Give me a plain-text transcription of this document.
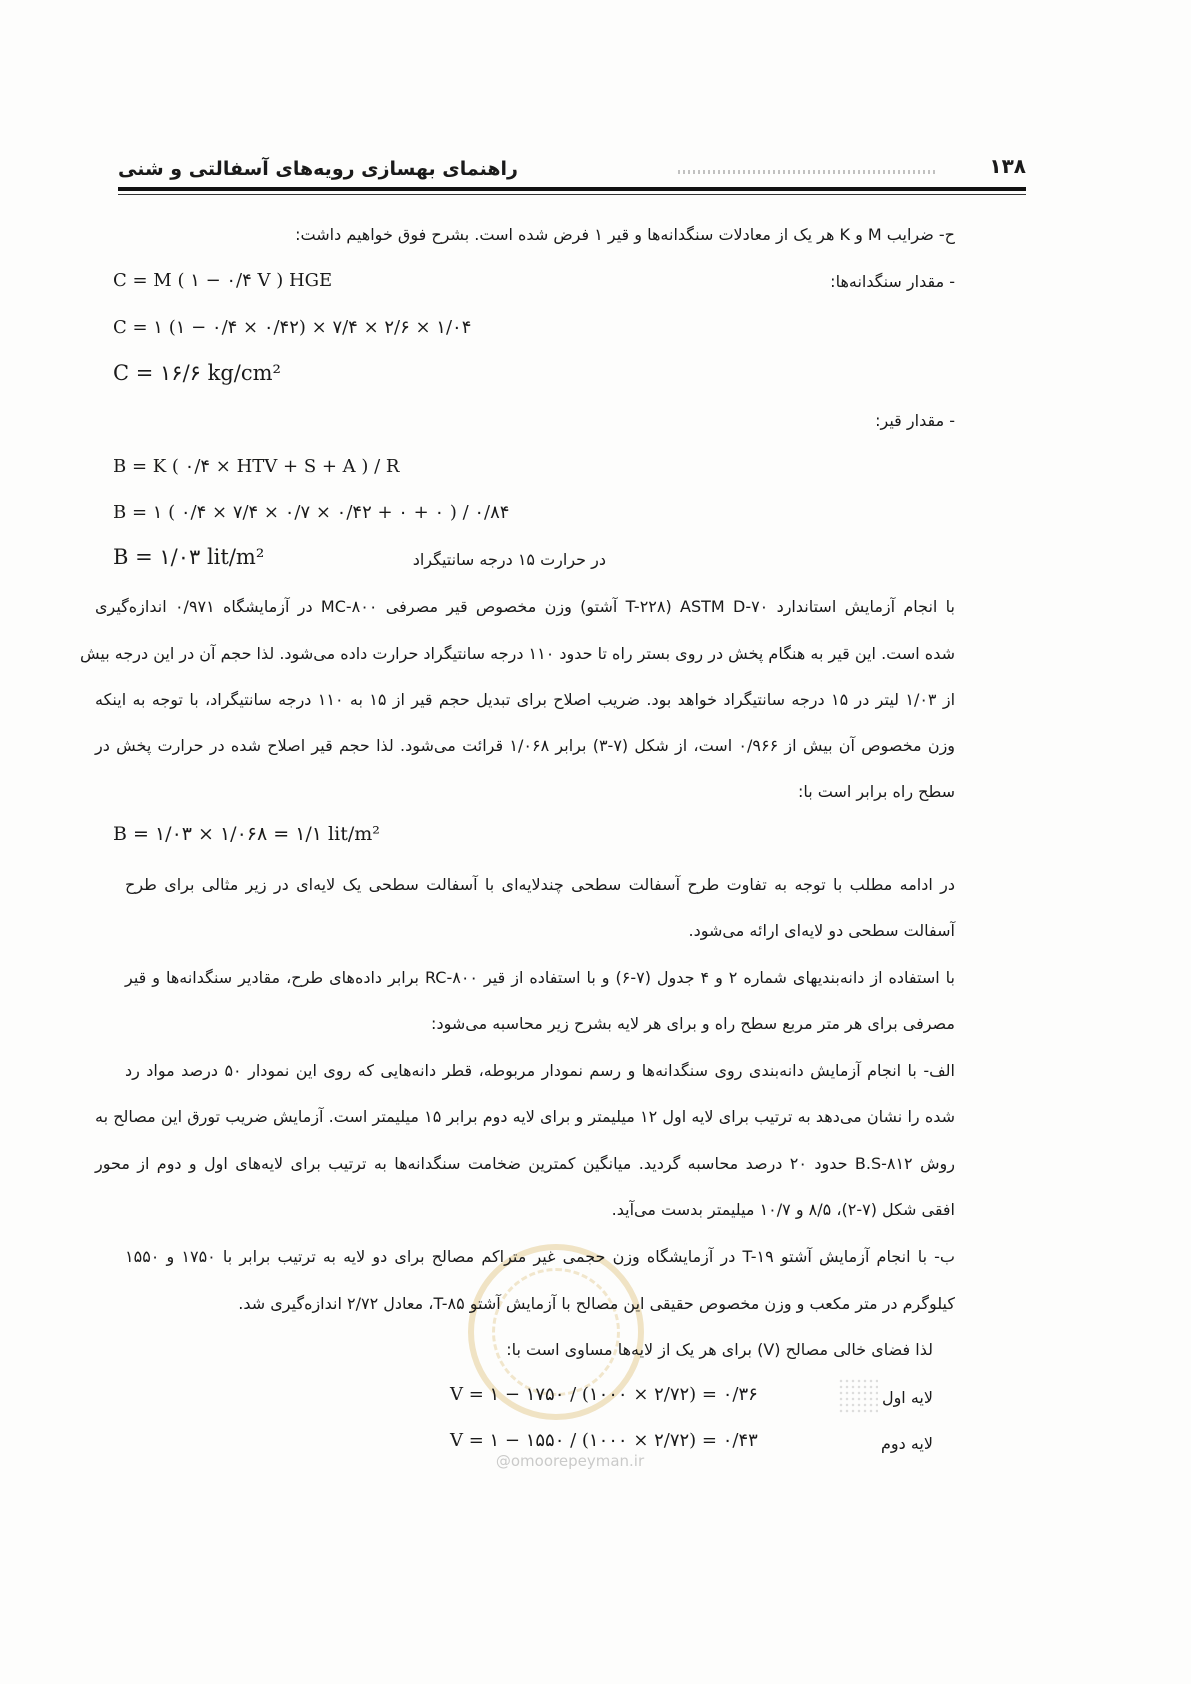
راهنمای بهسازی رویه‌های آسفالتی و شنی	۱۳۸
ح- ضرایب M و K هر یک از معادلات سنگدانه‌ها و قیر ۱ فرض شده است. بشرح فوق خواهیم داشت:
- مقدار سنگدانه‌ها:
C = M ( ۱ − ۰/۴ V ) HGE
C = ۱ (۱ − ۰/۴ × ۰/۴۲) × ۷/۴ × ۲/۶ × ۱/۰۴
C = ۱۶/۶ kg/cm²
- مقدار قیر:
B = K ( ۰/۴ × HTV + S + A ) / R
B = ۱ ( ۰/۴ × ۷/۴ × ۰/۷ × ۰/۴۲ + ۰ + ۰ ) / ۰/۸۴
B = ۱/۰۳ lit/m²	در حرارت ۱۵ درجه سانتیگراد
با انجام آزمایش استاندارد ASTM D-۷۰ (T-۲۲۸ آشتو) وزن مخصوص قیر مصرفی MC-۸۰۰ در آزمایشگاه ۰/۹۷۱ اندازه‌گیری
شده است. این قیر به هنگام پخش در روی بستر راه تا حدود ۱۱۰ درجه سانتیگراد حرارت داده می‌شود. لذا حجم آن در این درجه بیش
از ۱/۰۳ لیتر در ۱۵ درجه سانتیگراد خواهد بود. ضریب اصلاح برای تبدیل حجم قیر از ۱۵ به ۱۱۰ درجه سانتیگراد، با توجه به اینکه
وزن مخصوص آن بیش از ۰/۹۶۶ است، از شکل (۷-۳) برابر ۱/۰۶۸ قرائت می‌شود. لذا حجم قیر اصلاح شده در حرارت پخش در
سطح راه برابر است با:
B = ۱/۰۳ × ۱/۰۶۸ = ۱/۱ lit/m²
در ادامه مطلب با توجه به تفاوت طرح آسفالت سطحی چندلایه‌ای با آسفالت سطحی یک لایه‌ای در زیر مثالی برای طرح
آسفالت سطحی دو لایه‌ای ارائه می‌شود.
با استفاده از دانه‌بندیهای شماره ۲ و ۴ جدول (۷-۶) و با استفاده از قیر RC-۸۰۰ برابر داده‌های طرح، مقادیر سنگدانه‌ها و قیر
مصرفی برای هر متر مربع سطح راه و برای هر لایه بشرح زیر محاسبه می‌شود:
الف- با انجام آزمایش دانه‌بندی روی سنگدانه‌ها و رسم نمودار مربوطه، قطر دانه‌هایی که روی این نمودار ۵۰ درصد مواد رد
شده را نشان می‌دهد به ترتیب برای لایه اول ۱۲ میلیمتر و برای لایه دوم برابر ۱۵ میلیمتر است. آزمایش ضریب تورق این مصالح به
روش B.S-۸۱۲ حدود ۲۰ درصد محاسبه گردید. میانگین کمترین ضخامت سنگدانه‌ها به ترتیب برای لایه‌های اول و دوم از محور
افقی شکل (۷-۲)، ۸/۵ و ۱۰/۷ میلیمتر بدست می‌آید.
ب- با انجام آزمایش آشتو T-۱۹ در آزمایشگاه وزن حجمی غیر متراکم مصالح برای دو لایه به ترتیب برابر با ۱۷۵۰ و ۱۵۵۰
کیلوگرم در متر مکعب و وزن مخصوص حقیقی این مصالح با آزمایش آشتو T-۸۵، معادل ۲/۷۲ اندازه‌گیری شد.
لذا فضای خالی مصالح (V) برای هر یک از لایه‌ها مساوی است با:
لایه اول
V = ۱ − ۱۷۵۰ / (۱۰۰۰ × ۲/۷۲) = ۰/۳۶
لایه دوم
V = ۱ − ۱۵۵۰ / (۱۰۰۰ × ۲/۷۲) = ۰/۴۳
@omoorepeyman.ir
